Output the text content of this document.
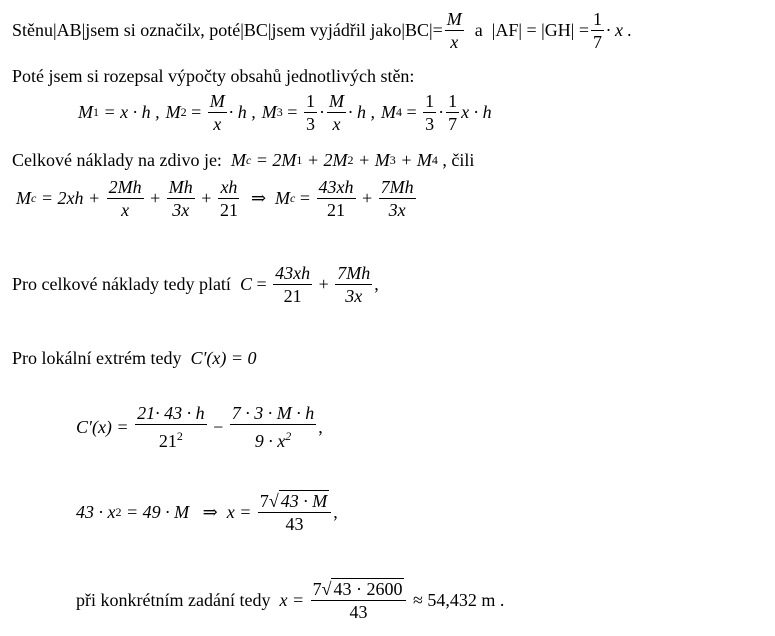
Stěnu |AB| jsem si označil x , poté |BC| jsem vyjádřil jako $|BC| = \frac{M}{x}$ a $|AF| = |GH| = \frac{1}{7} \cdot x$ .
Poté jsem si rozepsal výpočty obsahů jednotlivých stěn:
M 1 = x · h , M $2 = \frac{M}{x} \cdot h$ , M $3 = \frac{1}{3} \cdot \frac{M}{x} \cdot h$ , M $4 = \frac{1}{3} \cdot \frac{1}{7}$ x · h
Celkové náklady na zdivo je: M c = 2M 1 + 2M 2 + M 3 + M 4 , čili
M $c = 2xh + \frac{2Mh}{x} + \frac{Mh}{3x} + \frac{xh}{21}$ ⇒ M $c = \frac{43xh}{21} + \frac{7Mh}{3x}$
Pro celkové náklady tedy platí $C = \frac{43xh}{21} + \frac{7Mh}{3x}$ ,
Pro lokální extrém tedy C′(x) = 0
$C'(x) = \frac{21\cdot 43 \cdot h}{21^2} - \frac{7 \cdot 3 \cdot M \cdot h}{9 \cdot x^2}$ ,
43 · x 2 = 49 · M   ⇒  $x = \frac{7√ 43 \cdot M}{43}$ ,
při konkrétním zadání tedy $x = \frac{7√ 43 \cdot 2600}{43} \approx 54,432$ m .
